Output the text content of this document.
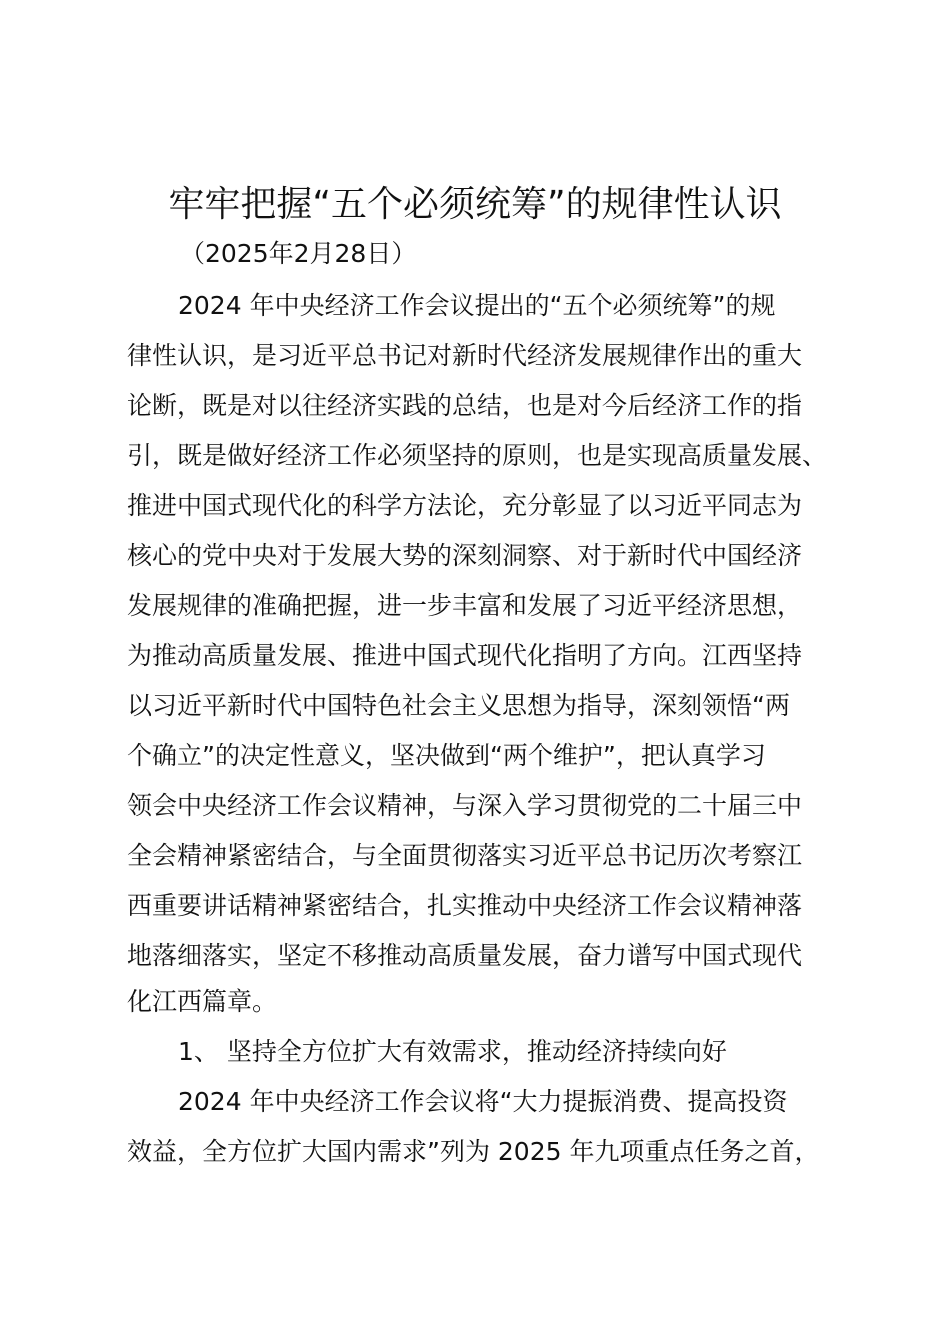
牢牢把握“五个必须统筹”的规律性认识
（2025年2月28日）
2024 年中央经济工作会议提出的“五个必须统筹”的规
律性认识，是习近平总书记对新时代经济发展规律作出的重大
论断，既是对以往经济实践的总结，也是对今后经济工作的指
引，既是做好经济工作必须坚持的原则，也是实现高质量发展、
推进中国式现代化的科学方法论，充分彰显了以习近平同志为
核心的党中央对于发展大势的深刻洞察、对于新时代中国经济
发展规律的准确把握，进一步丰富和发展了习近平经济思想，
为推动高质量发展、推进中国式现代化指明了方向。江西坚持
以习近平新时代中国特色社会主义思想为指导，深刻领悟“两
个确立”的决定性意义，坚决做到“两个维护”，把认真学习
领会中央经济工作会议精神，与深入学习贯彻党的二十届三中
全会精神紧密结合，与全面贯彻落实习近平总书记历次考察江
西重要讲话精神紧密结合，扎实推动中央经济工作会议精神落
地落细落实，坚定不移推动高质量发展，奋力谱写中国式现代
化江西篇章。
1、 坚持全方位扩大有效需求，推动经济持续向好
2024 年中央经济工作会议将“大力提振消费、提高投资
效益，全方位扩大国内需求”列为 2025 年九项重点任务之首，
